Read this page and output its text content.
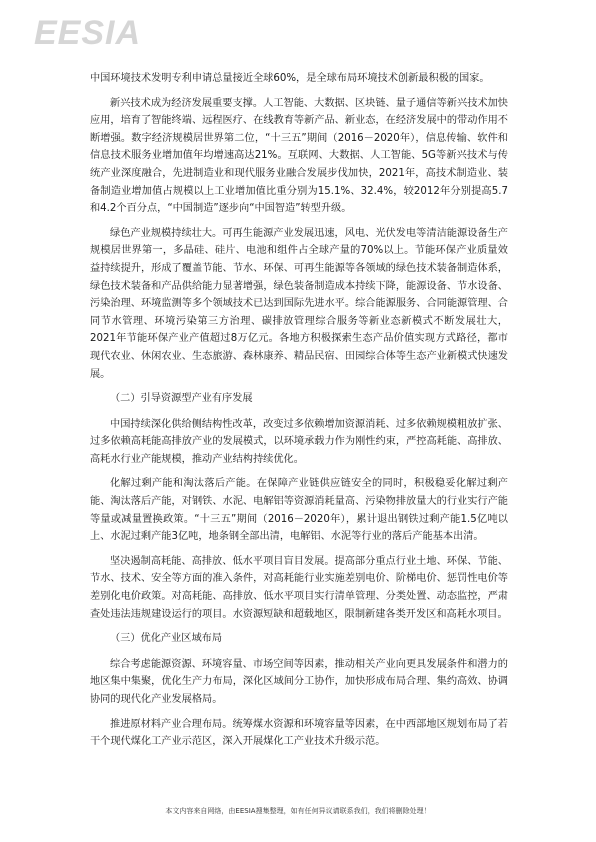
EESIA

中国环境技术发明专利申请总量接近全球60%，是全球布局环境技术创新最积极的国家。

新兴技术成为经济发展重要支撑。人工智能、大数据、区块链、量子通信等新兴技术加快应用，培育了智能终端、远程医疗、在线教育等新产品、新业态，在经济发展中的带动作用不断增强。数字经济规模居世界第二位，“十三五”期间（2016－2020年），信息传输、软件和信息技术服务业增加值年均增速高达21%。互联网、大数据、人工智能、5G等新兴技术与传统产业深度融合，先进制造业和现代服务业融合发展步伐加快，2021年，高技术制造业、装备制造业增加值占规模以上工业增加值比重分别为15.1%、32.4%，较2012年分别提高5.7和4.2个百分点，“中国制造”逐步向“中国智造”转型升级。

绿色产业规模持续壮大。可再生能源产业发展迅速，风电、光伏发电等清洁能源设备生产规模居世界第一，多晶硅、硅片、电池和组件占全球产量的70%以上。节能环保产业质量效益持续提升，形成了覆盖节能、节水、环保、可再生能源等各领域的绿色技术装备制造体系，绿色技术装备和产品供给能力显著增强，绿色装备制造成本持续下降，能源设备、节水设备、污染治理、环境监测等多个领域技术已达到国际先进水平。综合能源服务、合同能源管理、合同节水管理、环境污染第三方治理、碳排放管理综合服务等新业态新模式不断发展壮大，2021年节能环保产业产值超过8万亿元。各地方积极探索生态产品价值实现方式路径，都市现代农业、休闲农业、生态旅游、森林康养、精品民宿、田园综合体等生态产业新模式快速发展。

（二）引导资源型产业有序发展

中国持续深化供给侧结构性改革，改变过多依赖增加资源消耗、过多依赖规模粗放扩张、过多依赖高耗能高排放产业的发展模式，以环境承载力作为刚性约束，严控高耗能、高排放、高耗水行业产能规模，推动产业结构持续优化。

化解过剩产能和淘汰落后产能。在保障产业链供应链安全的同时，积极稳妥化解过剩产能、淘汰落后产能，对钢铁、水泥、电解铝等资源消耗量高、污染物排放量大的行业实行产能等量或减量置换政策。“十三五”期间（2016－2020年），累计退出钢铁过剩产能1.5亿吨以上、水泥过剩产能3亿吨，地条钢全部出清，电解铝、水泥等行业的落后产能基本出清。

坚决遏制高耗能、高排放、低水平项目盲目发展。提高部分重点行业土地、环保、节能、节水、技术、安全等方面的准入条件，对高耗能行业实施差别电价、阶梯电价、惩罚性电价等差别化电价政策。对高耗能、高排放、低水平项目实行清单管理、分类处置、动态监控，严肃查处违法违规建设运行的项目。水资源短缺和超载地区，限制新建各类开发区和高耗水项目。

（三）优化产业区域布局

综合考虑能源资源、环境容量、市场空间等因素，推动相关产业向更具发展条件和潜力的地区集中集聚，优化生产力布局，深化区域间分工协作，加快形成布局合理、集约高效、协调协同的现代化产业发展格局。

推进原材料产业合理布局。统筹煤水资源和环境容量等因素，在中西部地区规划布局了若干个现代煤化工产业示范区，深入开展煤化工产业技术升级示范。

本文内容来自网络，由EESIA搜集整理，如有任何异议请联系我们，我们将删除处理！
